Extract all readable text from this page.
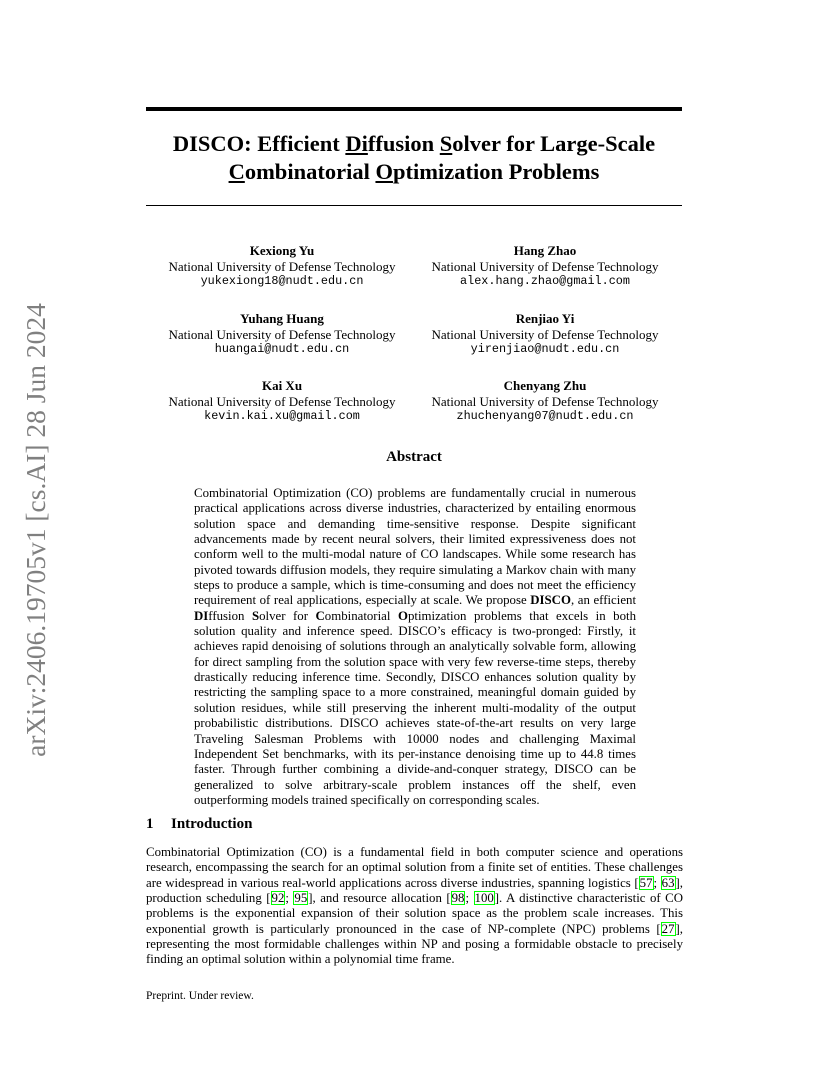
arXiv:2406.19705v1 [cs.AI] 28 Jun 2024
DISCO: Efficient Diffusion Solver for Large-Scale
Combinatorial Optimization Problems
Kexiong Yu
National University of Defense Technology
yukexiong18@nudt.edu.cn
Hang Zhao
National University of Defense Technology
alex.hang.zhao@gmail.com
Yuhang Huang
National University of Defense Technology
huangai@nudt.edu.cn
Renjiao Yi
National University of Defense Technology
yirenjiao@nudt.edu.cn
Kai Xu
National University of Defense Technology
kevin.kai.xu@gmail.com
Chenyang Zhu
National University of Defense Technology
zhuchenyang07@nudt.edu.cn
Abstract

Combinatorial Optimization (CO) problems are fundamentally crucial in numerous practical applications across diverse industries, characterized by entailing enormous solution space and demanding time-sensitive response. Despite significant advancements made by recent neural solvers, their limited expressiveness does not conform well to the multi-modal nature of CO landscapes. While some research has pivoted towards diffusion models, they require simulating a Markov chain with many steps to produce a sample, which is time-consuming and does not meet the efficiency requirement of real applications, especially at scale. We propose DISCO, an efficient DIffusion Solver for Combinatorial Optimization problems that excels in both solution quality and inference speed. DISCO’s efficacy is two-pronged: Firstly, it achieves rapid denoising of solutions through an analytically solvable form, allowing for direct sampling from the solution space with very few reverse-time steps, thereby drastically reducing inference time. Secondly, DISCO enhances solution quality by restricting the sampling space to a more constrained, meaningful domain guided by solution residues, while still preserving the inherent multi-modality of the output probabilistic distributions. DISCO achieves state-of-the-art results on very large Traveling Salesman Problems with 10000 nodes and challenging Maximal Independent Set benchmarks, with its per-instance denoising time up to 44.8 times faster. Through further combining a divide-and-conquer strategy, DISCO can be generalized to solve arbitrary-scale problem instances off the shelf, even outperforming models trained specifically on corresponding scales.

1 Introduction

Combinatorial Optimization (CO) is a fundamental field in both computer science and operations research, encompassing the search for an optimal solution from a finite set of entities. These challenges are widespread in various real-world applications across diverse industries, spanning logistics [57; 63], production scheduling [92; 95], and resource allocation [98; 100]. A distinctive characteristic of CO problems is the exponential expansion of their solution space as the problem scale increases. This exponential growth is particularly pronounced in the case of NP-complete (NPC) problems [27], representing the most formidable challenges within NP and posing a formidable obstacle to precisely finding an optimal solution within a polynomial time frame.

Preprint. Under review.
